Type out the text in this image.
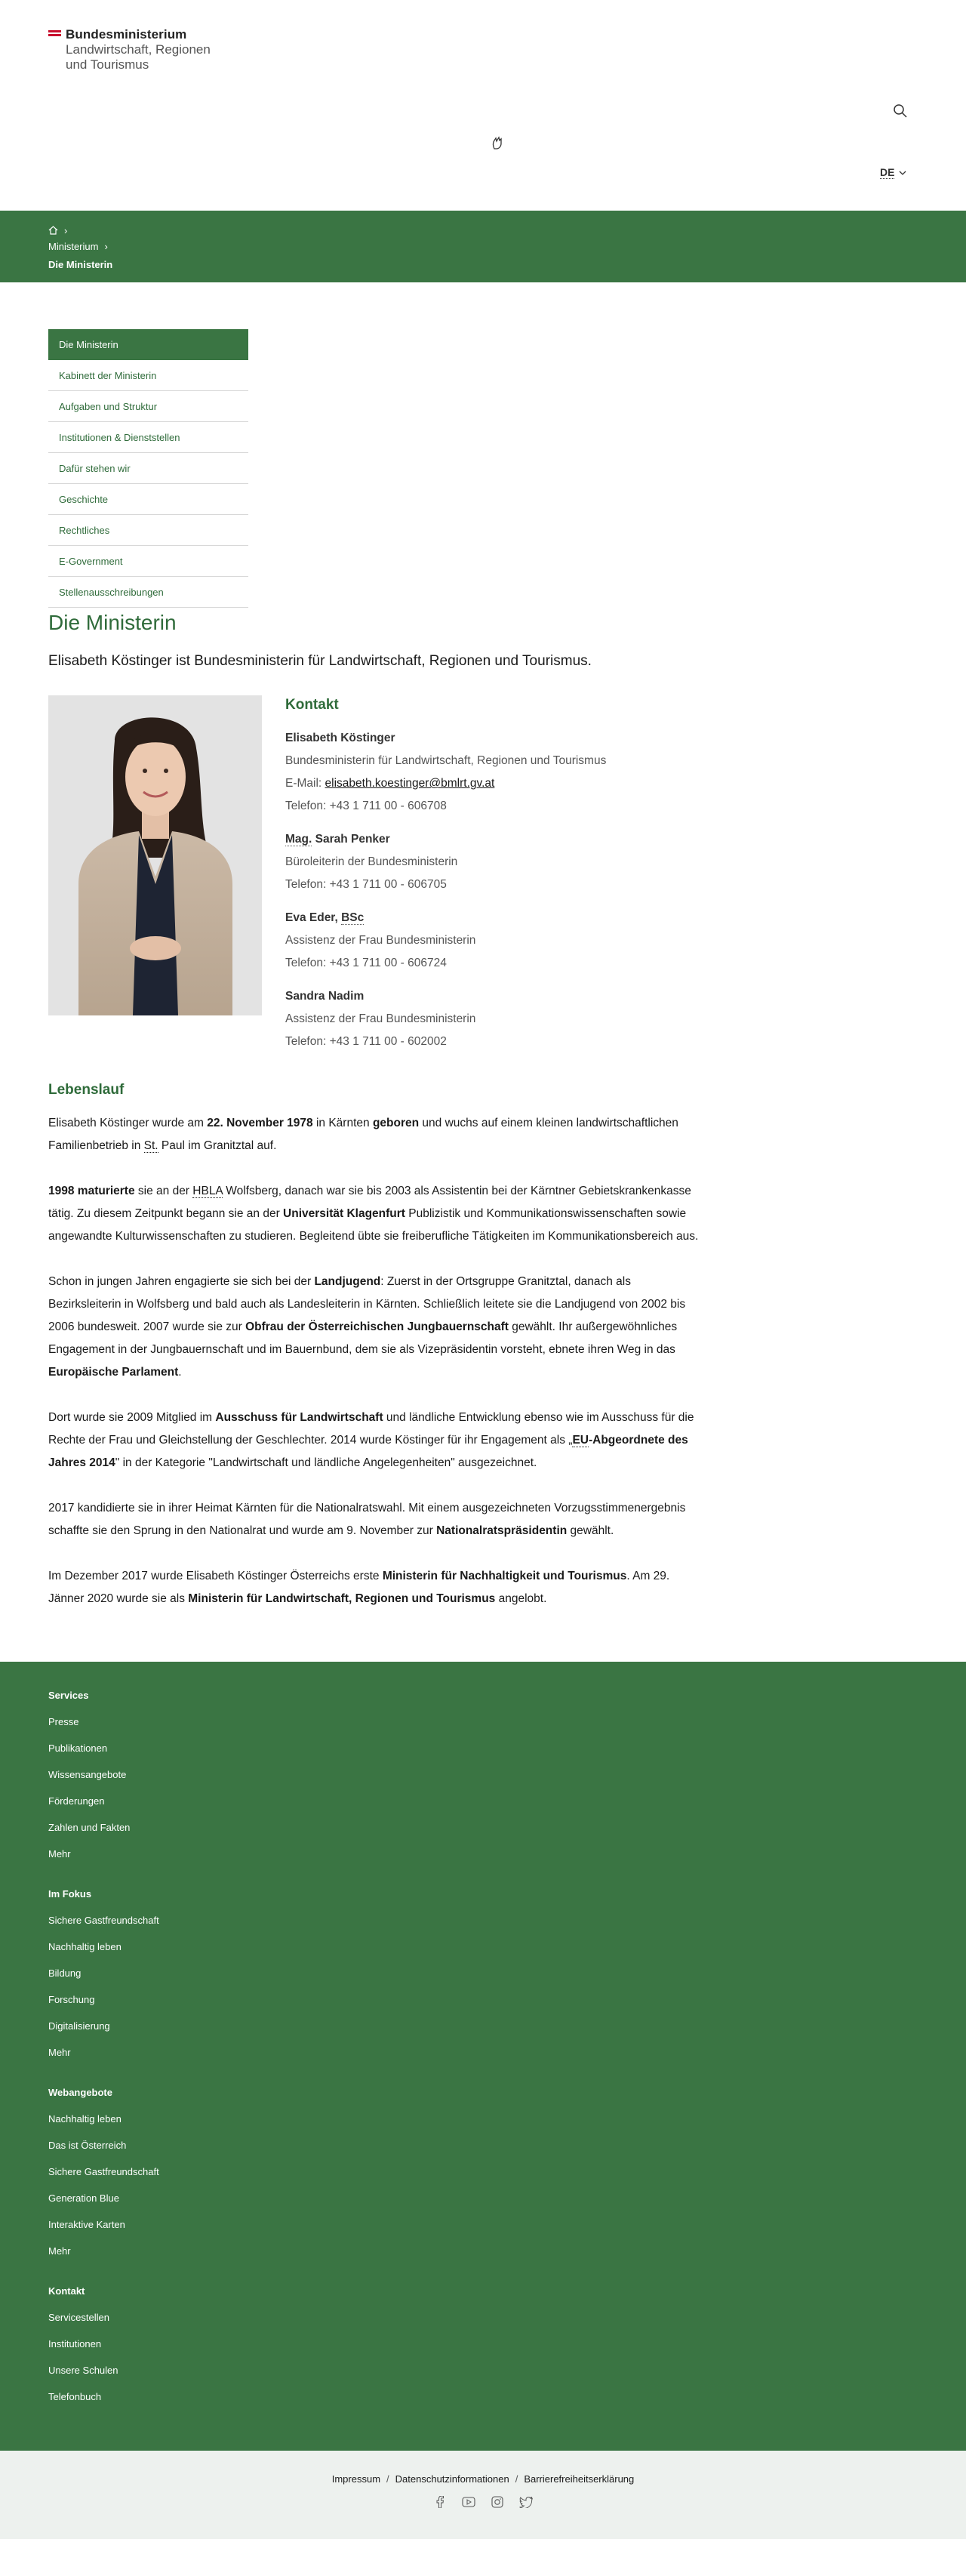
Bundesministerium
Landwirtschaft, Regionen
und Tourismus
DE
›
Ministerium ›
Die Ministerin
Die Ministerin
Kabinett der Ministerin
Aufgaben und Struktur
Institutionen & Dienststellen
Dafür stehen wir
Geschichte
Rechtliches
E-Government
Stellenausschreibungen
Die Ministerin

Elisabeth Köstinger ist Bundesministerin für Landwirtschaft, Regionen und Tourismus.

Kontakt
Elisabeth Köstinger
Bundesministerin für Landwirtschaft, Regionen und Tourismus
E-Mail: elisabeth.koestinger@bmlrt.gv.at
Telefon: +43 1 711 00 - 606708
Mag. Sarah Penker
Büroleiterin der Bundesministerin
Telefon: +43 1 711 00 - 606705
Eva Eder, BSc
Assistenz der Frau Bundesministerin
Telefon: +43 1 711 00 - 606724
Sandra Nadim
Assistenz der Frau Bundesministerin
Telefon: +43 1 711 00 - 602002
Lebenslauf

Elisabeth Köstinger wurde am 22. November 1978 in Kärnten geboren und wuchs auf einem kleinen landwirtschaftlichen Familienbetrieb in St. Paul im Granitztal auf.

1998 maturierte sie an der HBLA Wolfsberg, danach war sie bis 2003 als Assistentin bei der Kärntner Gebietskrankenkasse tätig. Zu diesem Zeitpunkt begann sie an der Universität Klagenfurt Publizistik und Kommunikationswissenschaften sowie angewandte Kulturwissenschaften zu studieren. Begleitend übte sie freiberufliche Tätigkeiten im Kommunikationsbereich aus.

Schon in jungen Jahren engagierte sie sich bei der Landjugend: Zuerst in der Ortsgruppe Granitztal, danach als Bezirksleiterin in Wolfsberg und bald auch als Landesleiterin in Kärnten. Schließlich leitete sie die Landjugend von 2002 bis 2006 bundesweit. 2007 wurde sie zur Obfrau der Österreichischen Jungbauernschaft gewählt. Ihr außergewöhnliches Engagement in der Jungbauernschaft und im Bauernbund, dem sie als Vizepräsidentin vorsteht, ebnete ihren Weg in das Europäische Parlament.

Dort wurde sie 2009 Mitglied im Ausschuss für Landwirtschaft und ländliche Entwicklung ebenso wie im Ausschuss für die Rechte der Frau und Gleichstellung der Geschlechter. 2014 wurde Köstinger für ihr Engagement als „EU-Abgeordnete des Jahres 2014" in der Kategorie "Landwirtschaft und ländliche Angelegenheiten" ausgezeichnet.

2017 kandidierte sie in ihrer Heimat Kärnten für die Nationalratswahl. Mit einem ausgezeichneten Vorzugsstimmenergebnis schaffte sie den Sprung in den Nationalrat und wurde am 9. November zur Nationalratspräsidentin gewählt.

Im Dezember 2017 wurde Elisabeth Köstinger Österreichs erste Ministerin für Nachhaltigkeit und Tourismus. Am 29. Jänner 2020 wurde sie als Ministerin für Landwirtschaft, Regionen und Tourismus angelobt.

Services
Presse
Publikationen
Wissensangebote
Förderungen
Zahlen und Fakten
Mehr
Im Fokus
Sichere Gastfreundschaft
Nachhaltig leben
Bildung
Forschung
Digitalisierung
Mehr
Webangebote
Nachhaltig leben
Das ist Österreich
Sichere Gastfreundschaft
Generation Blue
Interaktive Karten
Mehr
Kontakt
Servicestellen
Institutionen
Unsere Schulen
Telefonbuch
Impressum / Datenschutzinformationen / Barrierefreiheitserklärung
